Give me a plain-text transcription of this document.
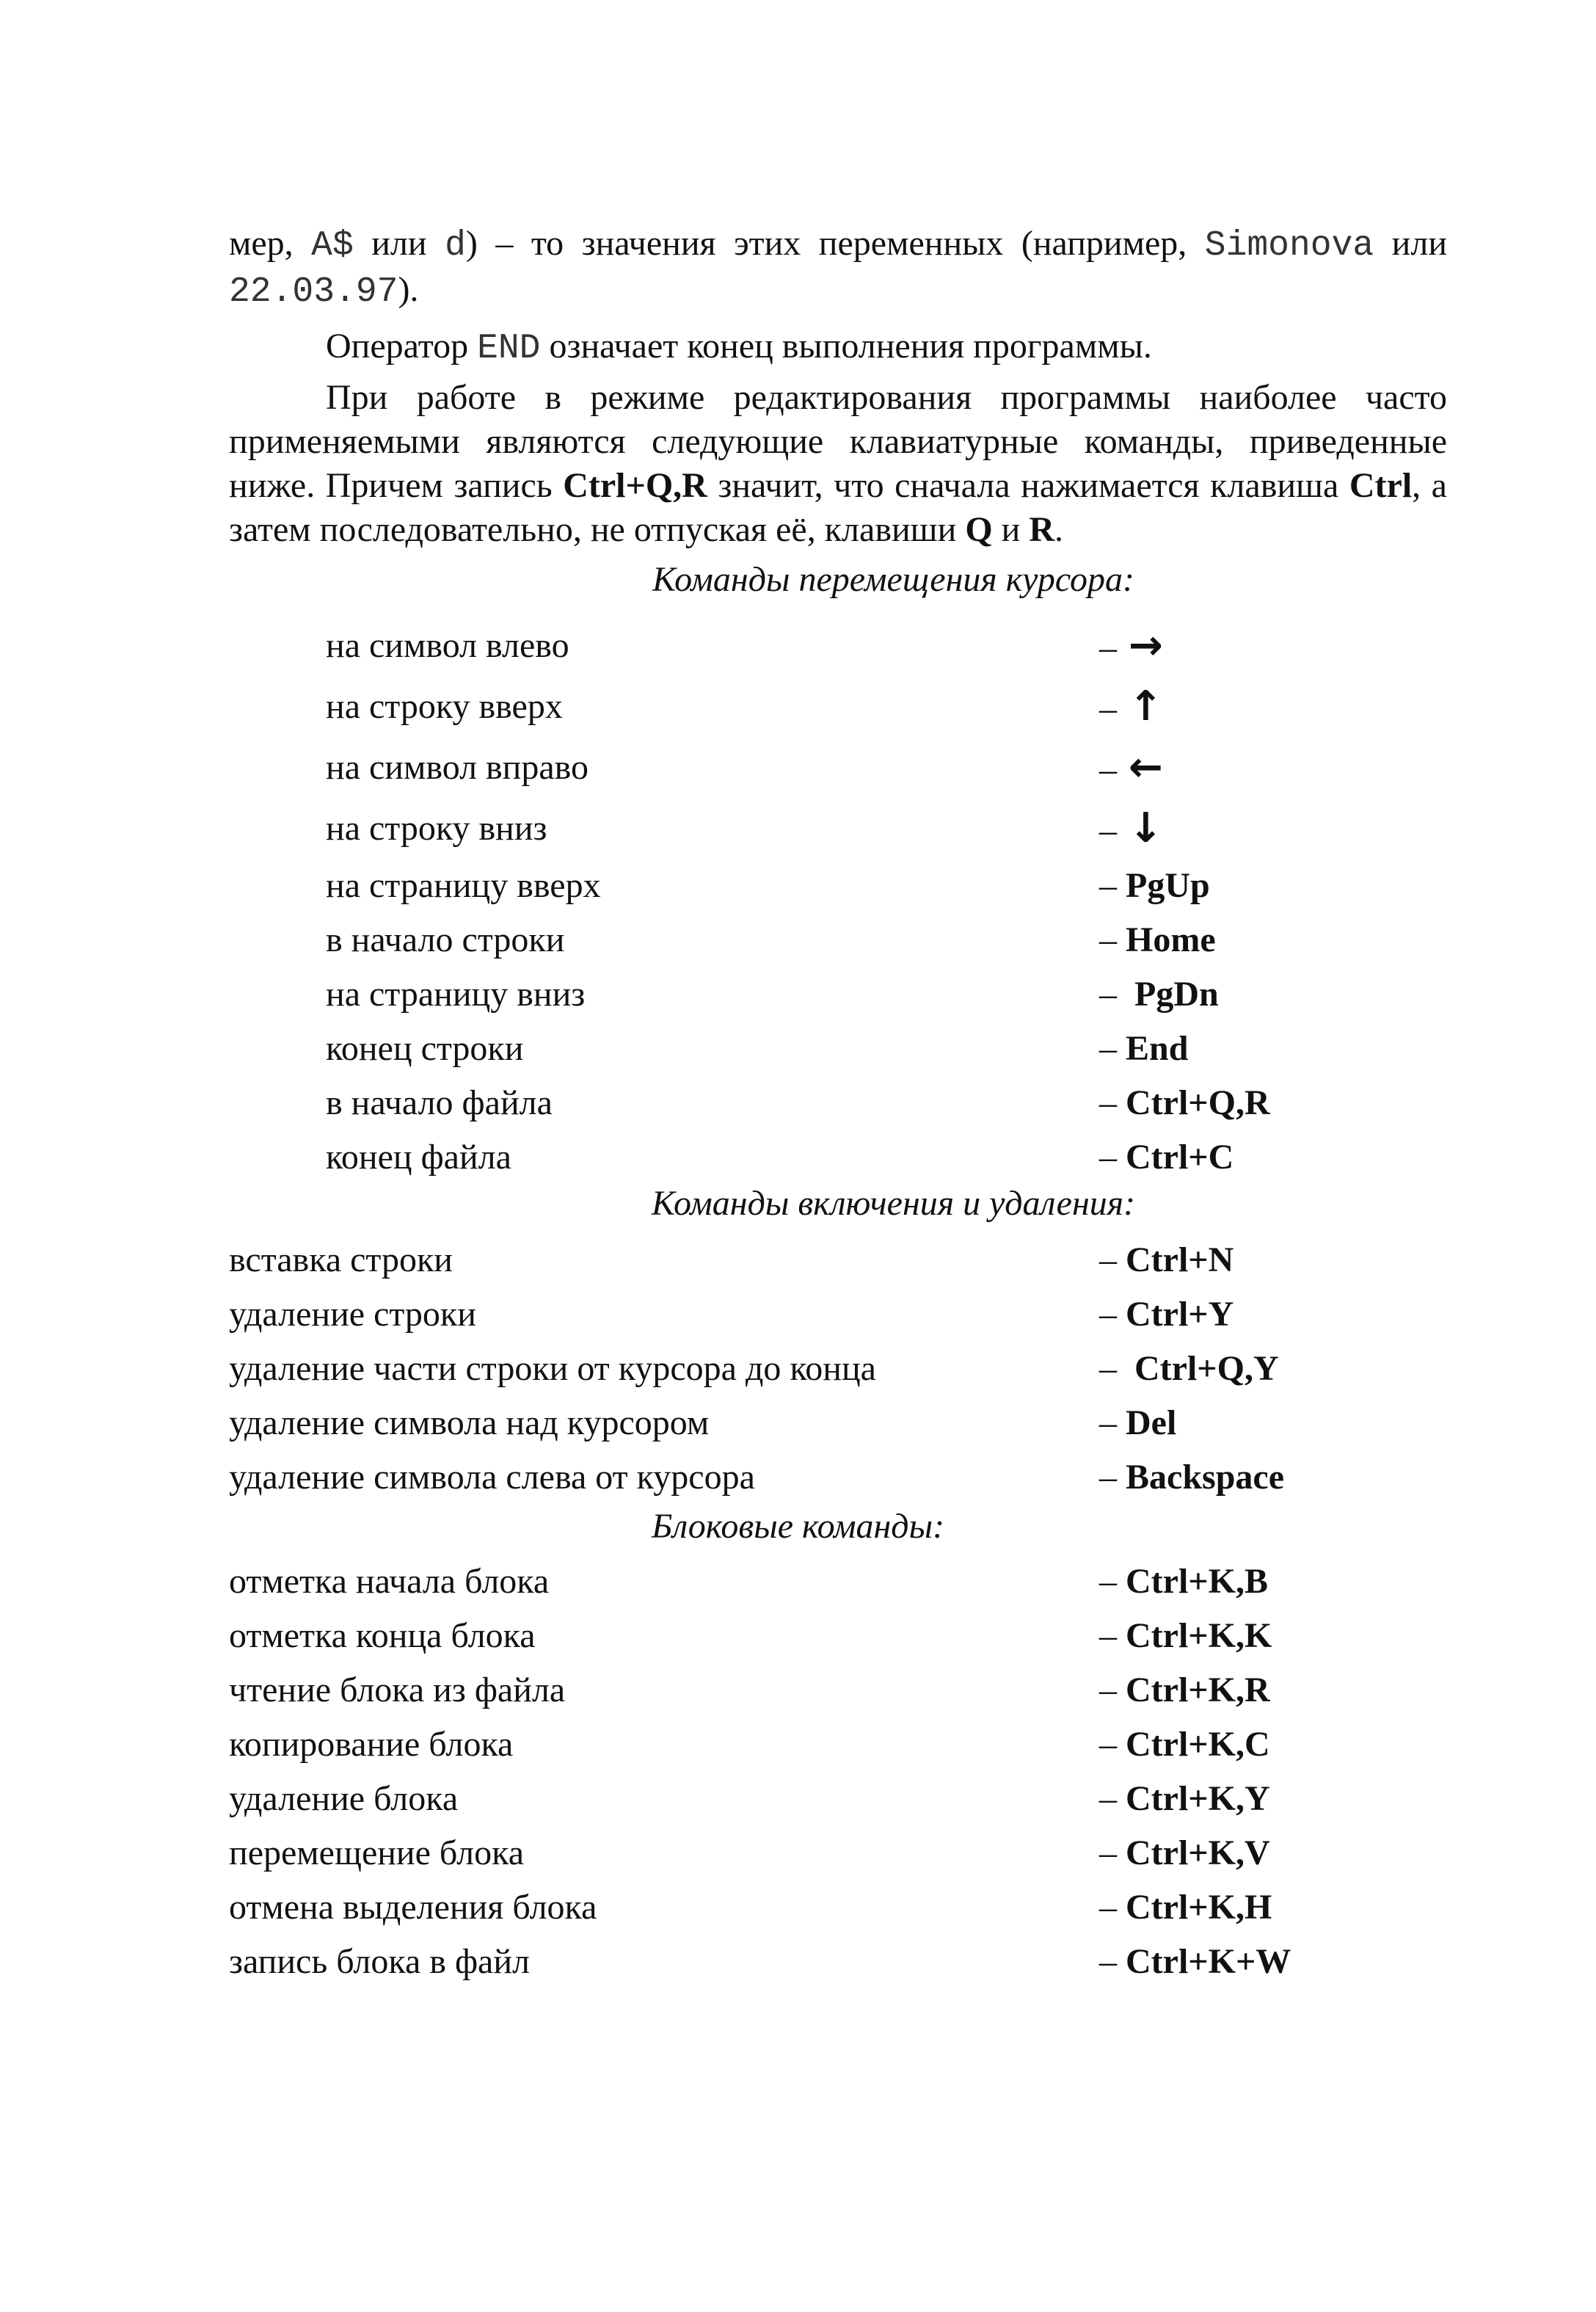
мер, A$ или d) – то значения этих переменных (например, Simonova или 22.03.97).

Оператор END означает конец выполнения программы.

При работе в режиме редактирования программы наиболее часто применяемыми являются следующие клавиатурные команды, приведенные ниже. Причем запись Ctrl+Q,R значит, что сначала нажимается клавиша Ctrl, а затем последовательно, не отпуская её, клавиши Q и R.

Команды перемещения курсора:

на символ влево	– →
на строку вверх	– ↑
на символ вправо	– ←
на строку вниз	– ↓
на страницу вверх	– PgUp
в начало строки	– Home
на страницу вниз	–  PgDn
конец строки	– End
в начало файла	– Ctrl+Q,R
конец файла	– Ctrl+C

Команды включения и удаления:

вставка строки	– Ctrl+N
удаление строки	– Ctrl+Y
удаление части строки от курсора до конца	–  Ctrl+Q,Y
удаление символа над курсором	– Del
удаление символа слева от курсора	– Backspace

Блоковые команды:

отметка начала блока	– Ctrl+K,B
отметка конца блока	– Ctrl+K,K
чтение блока из файла	– Ctrl+K,R
копирование блока	– Ctrl+K,C
удаление блока	– Ctrl+K,Y
перемещение блока	– Ctrl+K,V
отмена выделения блока	– Ctrl+K,H
запись блока в файл	– Ctrl+K+W
